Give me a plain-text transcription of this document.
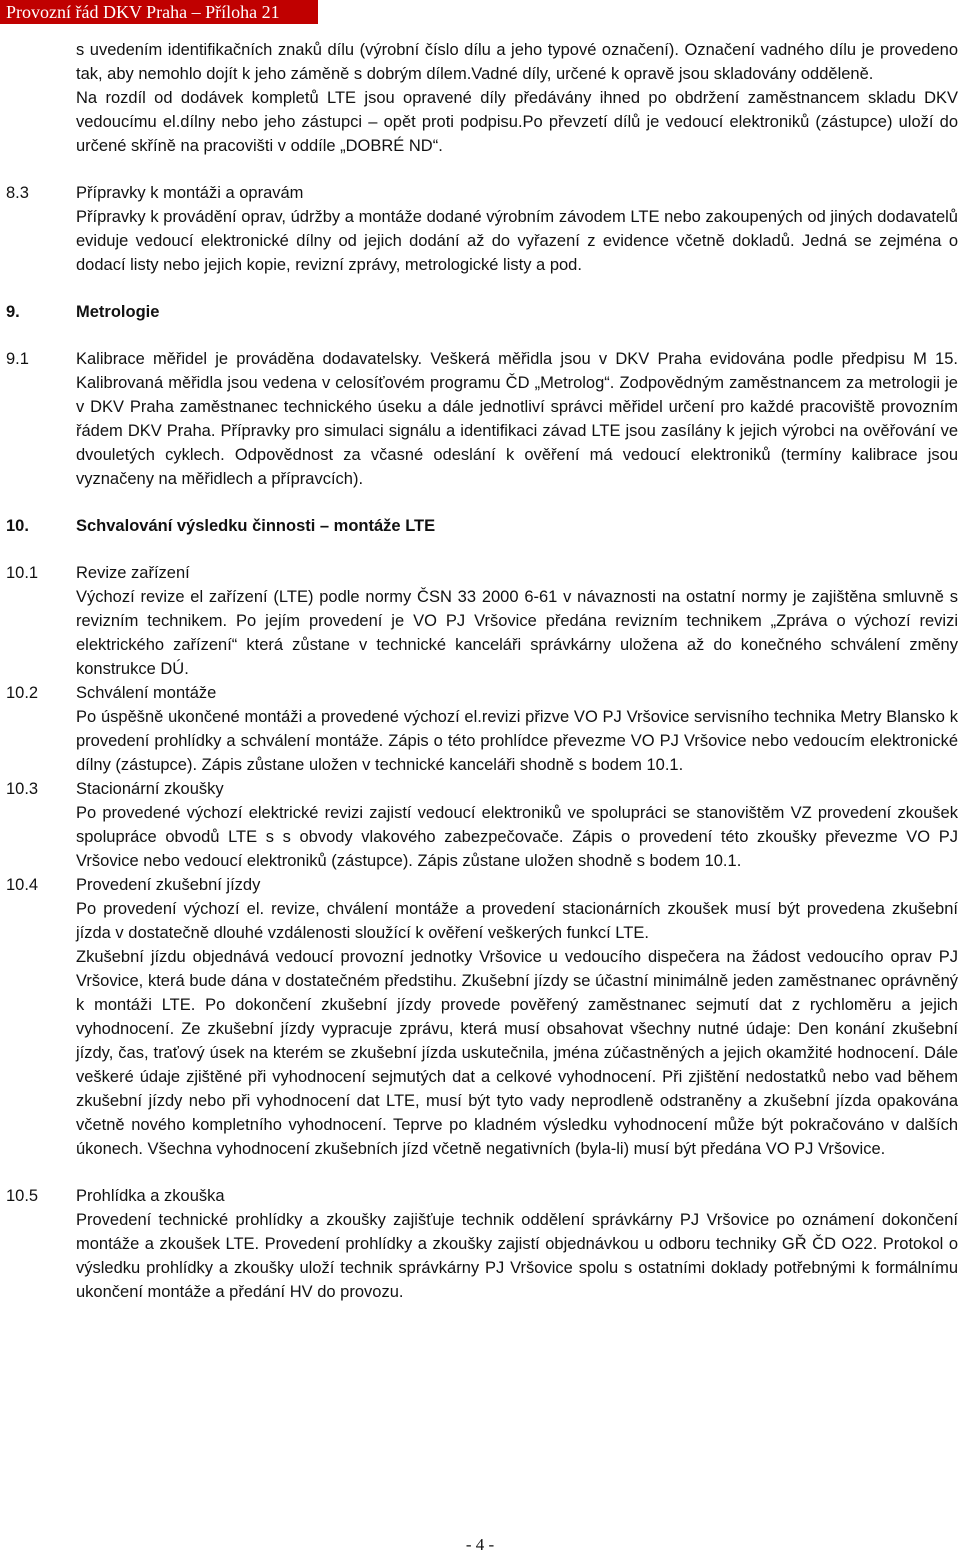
Provozní řád DKV Praha – Příloha 21

s uvedením identifikačních znaků dílu (výrobní číslo dílu a jeho typové označení). Označení vadného dílu je provedeno tak, aby nemohlo dojít k jeho záměně s dobrým dílem.Vadné díly, určené k opravě jsou skladovány odděleně.

Na rozdíl od dodávek kompletů LTE jsou opravené díly předávány ihned po obdržení zaměstnancem skladu DKV vedoucímu el.dílny nebo jeho zástupci – opět proti podpisu.Po převzetí dílů je vedoucí elektroniků (zástupce) uloží do určené skříně na pracovišti v oddíle „DOBRÉ ND“.

8.3	Přípravky k montáži a opravám

Přípravky k provádění oprav, údržby a montáže dodané výrobním závodem LTE nebo zakoupených od jiných dodavatelů eviduje vedoucí elektronické dílny od jejich dodání až do vyřazení z evidence včetně dokladů. Jedná se zejména o dodací listy nebo jejich kopie, revizní zprávy, metrologické listy a pod.

9.	Metrologie
9.1	Kalibrace měřidel je prováděna dodavatelsky. Veškerá měřidla jsou v DKV Praha evidována podle předpisu M 15. Kalibrovaná měřidla jsou vedena v celosíťovém programu ČD „Metrolog“. Zodpovědným zaměstnancem za metrologii je v DKV Praha zaměstnanec technického úseku a dále jednotliví správci měřidel určení pro každé pracoviště provozním řádem DKV Praha. Přípravky pro simulaci signálu a identifikaci závad LTE jsou zasílány k jejich výrobci na ověřování ve dvouletých cyklech. Odpovědnost za včasné odeslání k ověření má vedoucí elektroniků (termíny kalibrace jsou vyznačeny na měřidlech a přípravcích).

10.	Schvalování výsledku činnosti – montáže LTE
10.1	Revize zařízení

Výchozí revize el zařízení (LTE) podle normy ČSN 33 2000 6-61 v návaznosti na ostatní normy je zajištěna smluvně s revizním technikem. Po jejím provedení je VO PJ Vršovice předána revizním technikem „Zpráva o výchozí revizi elektrického zařízení“ která zůstane v technické kanceláři správkárny uložena až do konečného schválení změny konstrukce DÚ.

10.2	Schválení montáže

Po úspěšně ukončené montáži a provedené výchozí el.revizi přizve VO PJ Vršovice servisního technika Metry Blansko k provedení prohlídky a schválení montáže. Zápis o této prohlídce převezme VO PJ Vršovice nebo vedoucím elektronické dílny (zástupce). Zápis zůstane uložen v technické kanceláři shodně s bodem 10.1.

10.3	Stacionární zkoušky

Po provedené výchozí elektrické revizi zajistí vedoucí elektroniků ve spolupráci se stanovištěm VZ provedení zkoušek spolupráce obvodů LTE s s obvody vlakového zabezpečovače. Zápis o provedení této zkoušky převezme VO PJ Vršovice nebo vedoucí elektroniků (zástupce). Zápis zůstane uložen shodně s bodem 10.1.

10.4	Provedení zkušební jízdy

Po provedení výchozí el. revize, chválení montáže a provedení stacionárních zkoušek musí být provedena zkušební jízda v dostatečně dlouhé vzdálenosti sloužící k ověření veškerých funkcí LTE.

Zkušební jízdu objednává vedoucí provozní jednotky Vršovice u vedoucího dispečera na žádost vedoucího oprav PJ Vršovice, která bude dána v dostatečném předstihu. Zkušební jízdy se účastní minimálně jeden zaměstnanec oprávněný k montáži LTE. Po dokončení zkušební jízdy provede pověřený zaměstnanec sejmutí dat z rychloměru a jejich vyhodnocení. Ze zkušební jízdy vypracuje zprávu, která musí obsahovat všechny nutné údaje: Den konání zkušební jízdy, čas, traťový úsek na kterém se zkušební jízda uskutečnila, jména zúčastněných a jejich okamžité hodnocení. Dále veškeré údaje zjištěné při vyhodnocení sejmutých dat a celkové vyhodnocení. Při zjištění nedostatků nebo vad během zkušební jízdy nebo při vyhodnocení dat LTE, musí být tyto vady neprodleně odstraněny a zkušební jízda opakována včetně nového kompletního vyhodnocení. Teprve po kladném výsledku vyhodnocení může být pokračováno v dalších úkonech. Všechna vyhodnocení zkušebních jízd včetně negativních (byla-li) musí být předána VO PJ Vršovice.

10.5	Prohlídka a zkouška

Provedení technické prohlídky a zkoušky zajišťuje technik oddělení správkárny PJ Vršovice po oznámení dokončení montáže a zkoušek LTE. Provedení prohlídky a zkoušky zajistí objednávkou u odboru techniky GŘ ČD O22. Protokol o výsledku prohlídky a zkoušky uloží technik správkárny PJ Vršovice spolu s ostatními doklady potřebnými k formálnímu ukončení montáže a předání HV do provozu.

- 4 -
